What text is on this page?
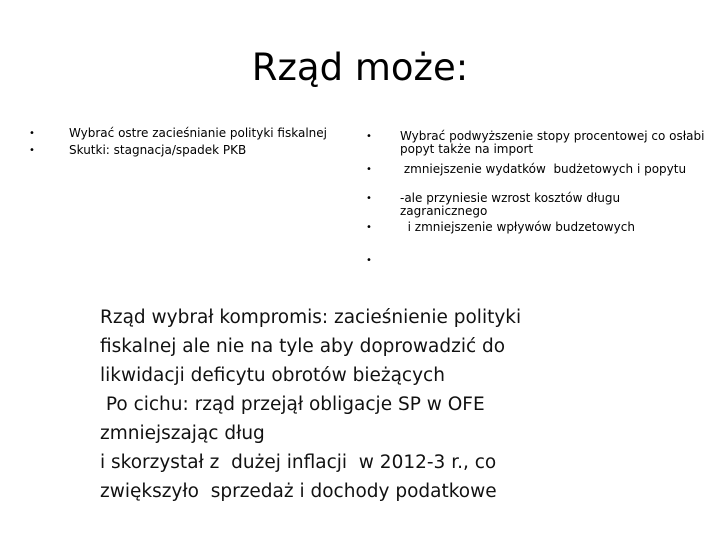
Rząd może:
•	Wybrać ostre zacieśnianie polityki fiskalnej
•	Skutki: stagnacja/spadek PKB
• Wybrać podwyższenie stopy procentowej co osłabi popyt także na import
• zmniejszenie wydatków  budżetowych i popytu
• -ale przyniesie wzrost kosztów długu zagranicznego
• i zmniejszenie wpływów budzetowych
•
Rząd wybrał kompromis: zacieśnienie polityki
fiskalnej ale nie na tyle aby doprowadzić do
likwidacji deficytu obrotów bieżących
Po cichu: rząd przejął obligacje SP w OFE
zmniejszając dług
i skorzystał z  dużej inflacji  w 2012-3 r., co
zwiększyło  sprzedaż i dochody podatkowe
